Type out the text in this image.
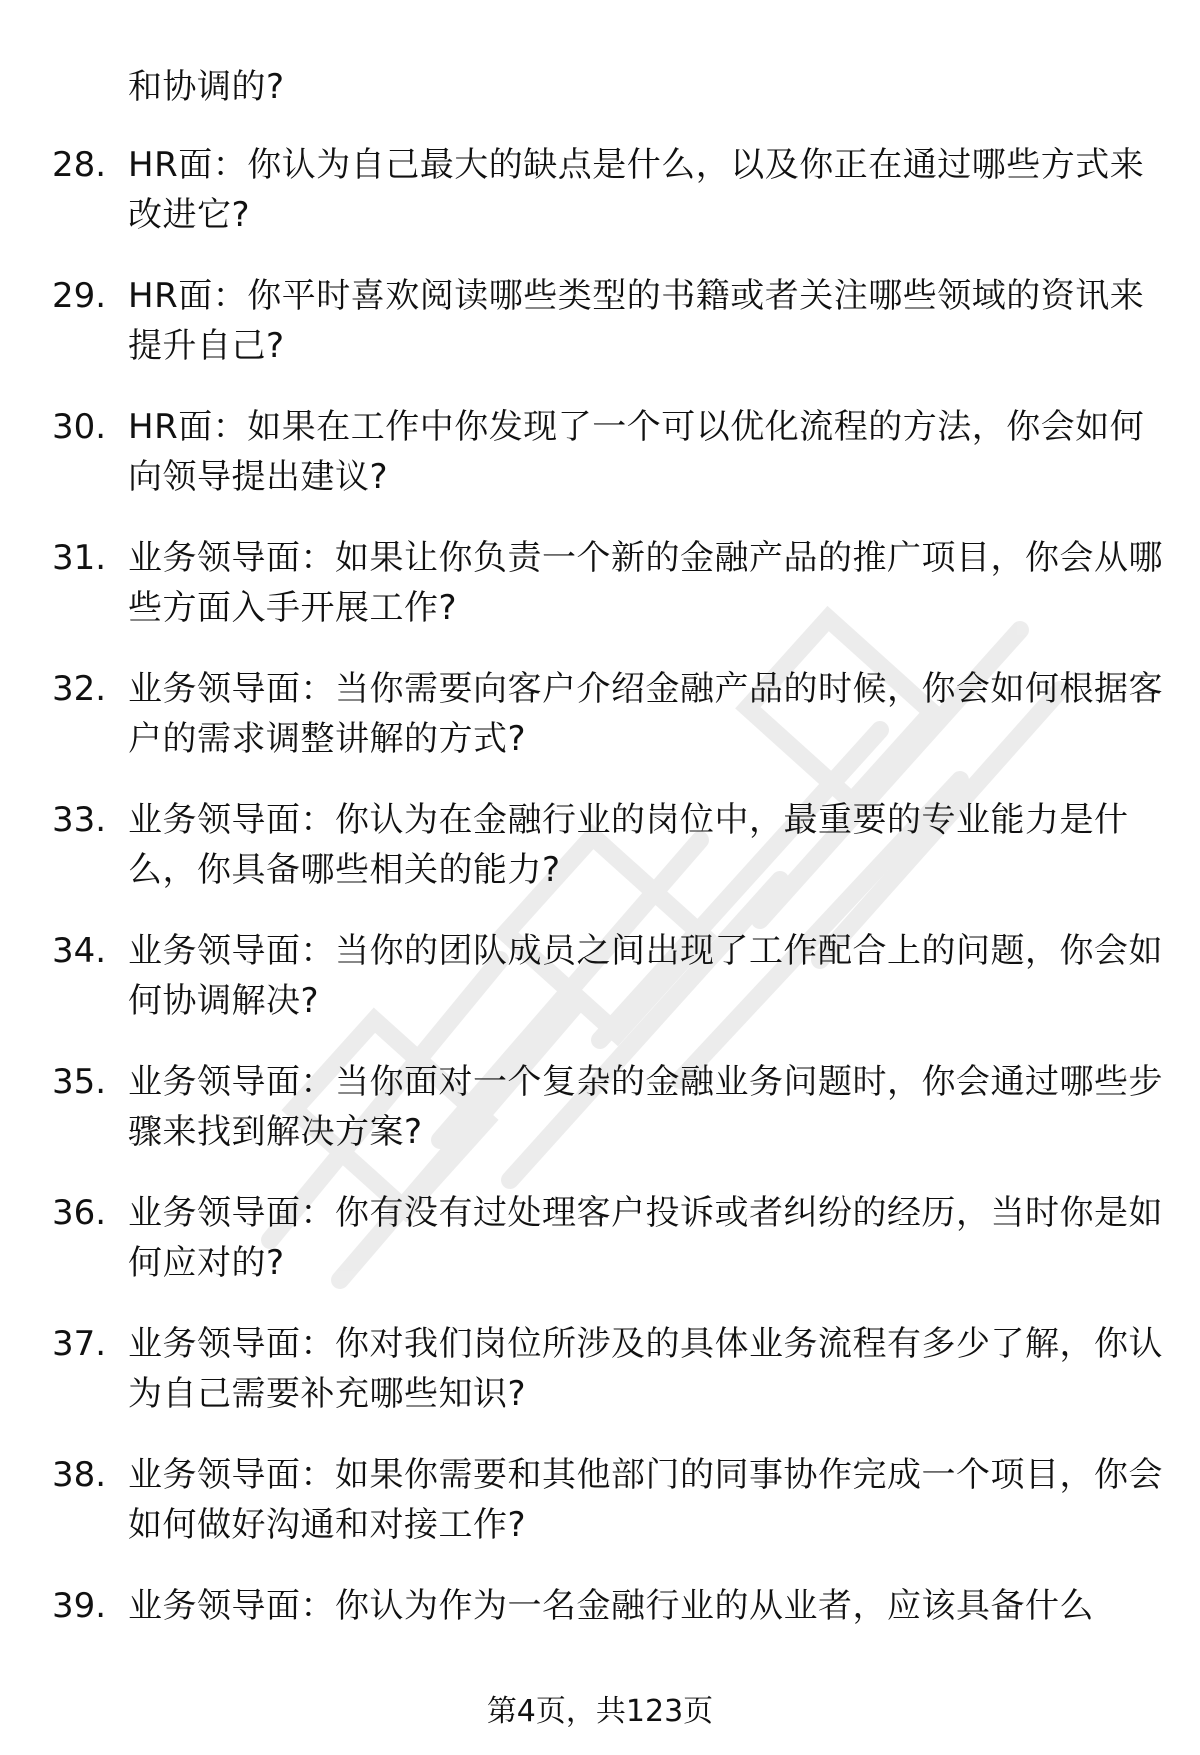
和协调的?
28. HR面：你认为自己最大的缺点是什么，以及你正在通过哪些方式来改进它?
29. HR面：你平时喜欢阅读哪些类型的书籍或者关注哪些领域的资讯来提升自己?
30. HR面：如果在工作中你发现了一个可以优化流程的方法，你会如何向领导提出建议?
31. 业务领导面：如果让你负责一个新的金融产品的推广项目，你会从哪些方面入手开展工作?
32. 业务领导面：当你需要向客户介绍金融产品的时候，你会如何根据客户的需求调整讲解的方式?
33. 业务领导面：你认为在金融行业的岗位中，最重要的专业能力是什么，你具备哪些相关的能力?
34. 业务领导面：当你的团队成员之间出现了工作配合上的问题，你会如何协调解决?
35. 业务领导面：当你面对一个复杂的金融业务问题时，你会通过哪些步骤来找到解决方案?
36. 业务领导面：你有没有过处理客户投诉或者纠纷的经历，当时你是如何应对的?
37. 业务领导面：你对我们岗位所涉及的具体业务流程有多少了解，你认为自己需要补充哪些知识?
38. 业务领导面：如果你需要和其他部门的同事协作完成一个项目，你会如何做好沟通和对接工作?
39. 业务领导面：你认为作为一名金融行业的从业者，应该具备什么
第4页，共123页
